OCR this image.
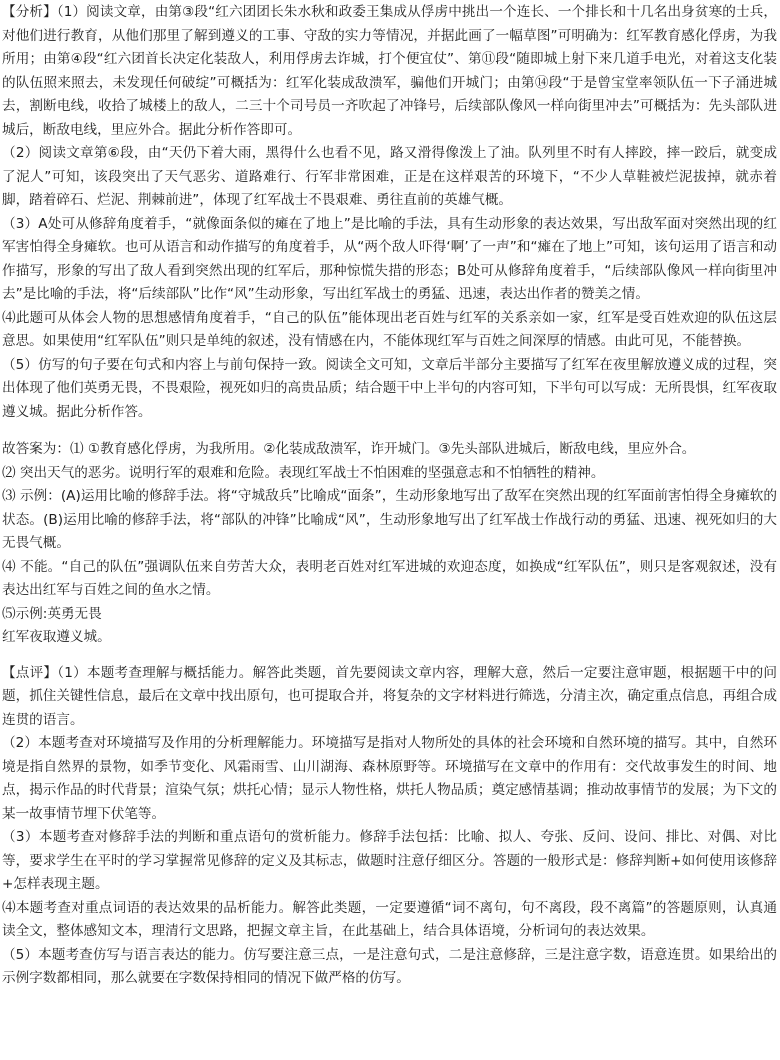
【分析】（1）阅读文章，由第③段“红六团团长朱水秋和政委王集成从俘虏中挑出一个连长、一个排长和十几名出身贫寒的士兵，对他们进行教育，从他们那里了解到遵义的工事、守敌的实力等情况，并据此画了一幅草图”可明确为：红军教育感化俘虏，为我所用；由第④段“红六团首长决定化装敌人，利用俘虏去诈城，打个便宜仗”、第⑪段“随即城上射下来几道手电光，对着这支化装的队伍照来照去，未发现任何破绽”可概括为：红军化装成敌溃军，骗他们开城门；由第⑭段“于是曾宝堂率领队伍一下子涌进城去，割断电线，收拾了城楼上的敌人，二三十个司号员一齐吹起了冲锋号，后续部队像风一样向街里冲去”可概括为：先头部队进城后，断敌电线，里应外合。据此分析作答即可。

（2）阅读文章第⑥段，由“天仍下着大雨，黑得什么也看不见，路又滑得像泼上了油。队列里不时有人摔跤，摔一跤后，就变成了泥人”可知，该段突出了天气恶劣、道路难行、行军非常困难，正是在这样艰苦的环境下，“不少人草鞋被烂泥拔掉，就赤着脚，踏着碎石、烂泥、荆棘前进”，体现了红军战士不畏艰难、勇往直前的英雄气概。

（3）A处可从修辞角度着手，“就像面条似的瘫在了地上”是比喻的手法，具有生动形象的表达效果，写出敌军面对突然出现的红军害怕得全身瘫软。也可从语言和动作描写的角度着手，从“两个敌人吓得‘啊’了一声”和“瘫在了地上”可知，该句运用了语言和动作描写，形象的写出了敌人看到突然出现的红军后，那种惊慌失措的形态；B处可从修辞角度着手，“后续部队像风一样向街里冲去”是比喻的手法，将“后续部队”比作“风”生动形象，写出红军战士的勇猛、迅速，表达出作者的赞美之情。

⑷此题可从体会人物的思想感情角度着手，“自己的队伍”能体现出老百姓与红军的关系亲如一家，红军是受百姓欢迎的队伍这层意思。如果使用“红军队伍”则只是单纯的叙述，没有情感在内，不能体现红军与百姓之间深厚的情感。由此可见，不能替换。

（5）仿写的句子要在句式和内容上与前句保持一致。阅读全文可知，文章后半部分主要描写了红军在夜里解放遵义成的过程，突出体现了他们英勇无畏，不畏艰险，视死如归的高贵品质；结合题干中上半句的内容可知，下半句可以写成：无所畏惧，红军夜取遵义城。据此分析作答。

故答案为：⑴ ①教育感化俘虏，为我所用。②化装成敌溃军，诈开城门。③先头部队进城后，断敌电线，里应外合。

⑵ 突出天气的恶劣。说明行军的艰难和危险。表现红军战士不怕困难的坚强意志和不怕牺牲的精神。

⑶ 示例：(A)运用比喻的修辞手法。将“守城敌兵”比喻成“面条”，生动形象地写出了敌军在突然出现的红军面前害怕得全身瘫软的状态。(B)运用比喻的修辞手法，将“部队的冲锋”比喻成“风”，生动形象地写出了红军战士作战行动的勇猛、迅速、视死如归的大无畏气概。

⑷ 不能。“自己的队伍”强调队伍来自劳苦大众，表明老百姓对红军进城的欢迎态度，如换成“红军队伍”，则只是客观叙述，没有表达出红军与百姓之间的鱼水之情。

⑸示例:英勇无畏

红军夜取遵义城。

【点评】（1）本题考查理解与概括能力。解答此类题，首先要阅读文章内容，理解大意，然后一定要注意审题，根据题干中的问题，抓住关键性信息，最后在文章中找出原句，也可提取合并，将复杂的文字材料进行筛选，分清主次，确定重点信息，再组合成连贯的语言。

（2）本题考查对环境描写及作用的分析理解能力。环境描写是指对人物所处的具体的社会环境和自然环境的描写。其中，自然环境是指自然界的景物，如季节变化、风霜雨雪、山川湖海、森林原野等。环境描写在文章中的作用有：交代故事发生的时间、地点，揭示作品的时代背景；渲染气氛；烘托心情；显示人物性格，烘托人物品质；奠定感情基调；推动故事情节的发展；为下文的某一故事情节埋下伏笔等。

（3）本题考查对修辞手法的判断和重点语句的赏析能力。修辞手法包括：比喻、拟人、夸张、反问、设问、排比、对偶、对比等，要求学生在平时的学习掌握常见修辞的定义及其标志，做题时注意仔细区分。答题的一般形式是：修辞判断+如何使用该修辞+怎样表现主题。

⑷本题考查对重点词语的表达效果的品析能力。解答此类题，一定要遵循“词不离句，句不离段，段不离篇”的答题原则，认真通读全文，整体感知文本，理清行文思路，把握文章主旨，在此基础上，结合具体语境，分析词句的表达效果。

（5）本题考查仿写与语言表达的能力。仿写要注意三点，一是注意句式，二是注意修辞，三是注意字数，语意连贯。如果给出的示例字数都相同，那么就要在字数保持相同的情况下做严格的仿写。
